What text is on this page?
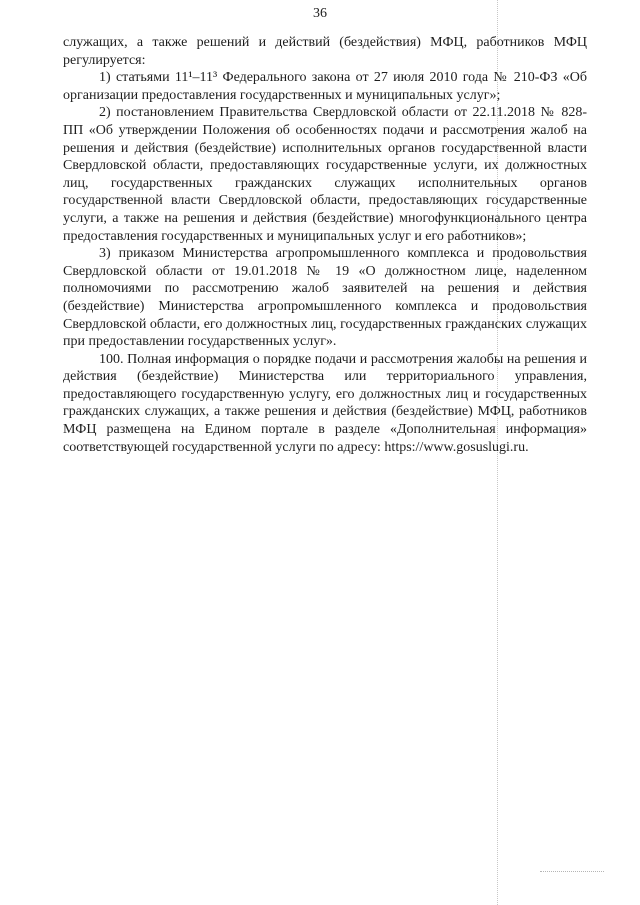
36

служащих, а также решений и действий (бездействия) МФЦ, работников МФЦ регулируется:

1) статьями 11¹–11³ Федерального закона от 27 июля 2010 года № 210-ФЗ «Об организации предоставления государственных и муниципальных услуг»;

2) постановлением Правительства Свердловской области от 22.11.2018 № 828-ПП «Об утверждении Положения об особенностях подачи и рассмотрения жалоб на решения и действия (бездействие) исполнительных органов государственной власти Свердловской области, предоставляющих государственные услуги, их должностных лиц, государственных гражданских служащих исполнительных органов государственной власти Свердловской области, предоставляющих государственные услуги, а также на решения и действия (бездействие) многофункционального центра предоставления государственных и муниципальных услуг и его работников»;

3) приказом Министерства агропромышленного комплекса и продовольствия Свердловской области от 19.01.2018 № 19 «О должностном лице, наделенном полномочиями по рассмотрению жалоб заявителей на решения и действия (бездействие) Министерства агропромышленного комплекса и продовольствия Свердловской области, его должностных лиц, государственных гражданских служащих при предоставлении государственных услуг».

100. Полная информация о порядке подачи и рассмотрения жалобы на решения и действия (бездействие) Министерства или территориального управления, предоставляющего государственную услугу, его должностных лиц и государственных гражданских служащих, а также решения и действия (бездействие) МФЦ, работников МФЦ размещена на Едином портале в разделе «Дополнительная информация» соответствующей государственной услуги по адресу: https://www.gosuslugi.ru.
